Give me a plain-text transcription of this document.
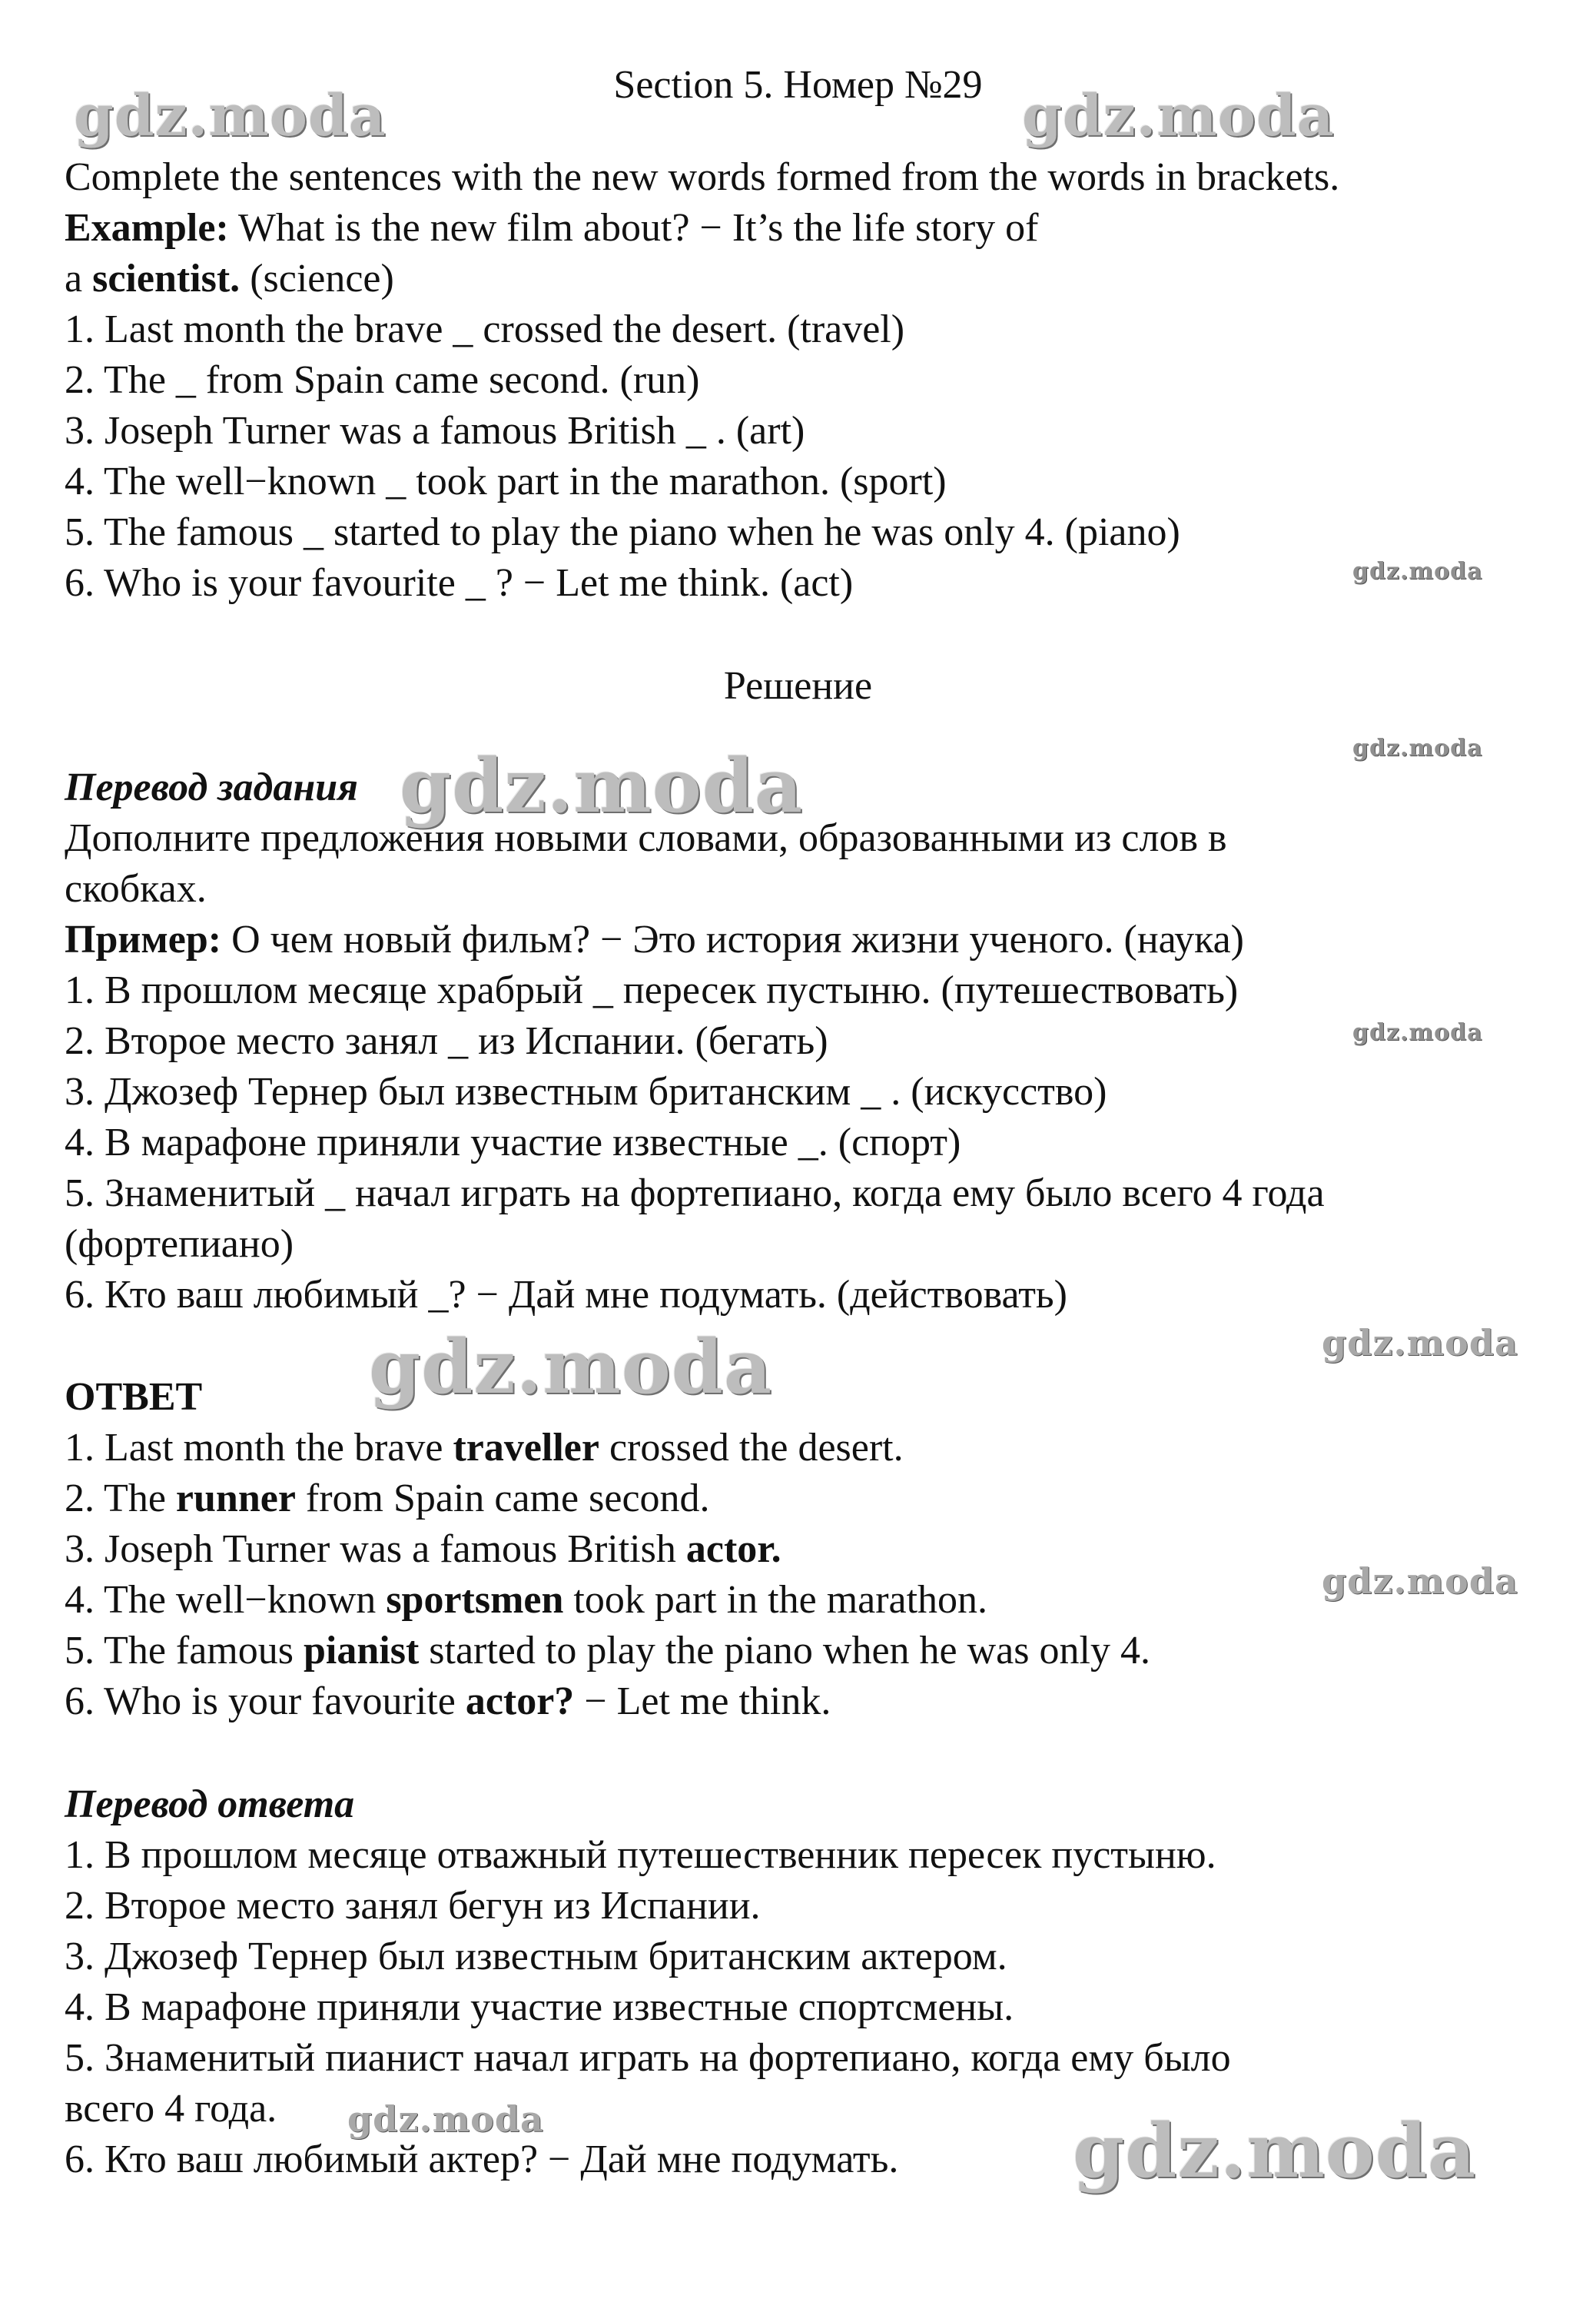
Section 5. Номер №29
Complete the sentences with the new words formed from the words in brackets.
Example: What is the new film about? − It’s the life story of
a scientist. (science)
1. Last month the brave _ crossed the desert. (travel)
2. The _ from Spain came second. (run)
3. Joseph Turner was a famous British _ . (art)
4. The well−known _ took part in the marathon. (sport)
5. The famous _ started to play the piano when he was only 4. (piano)
6. Who is your favourite _ ? − Let me think. (act)
Решение
Перевод задания
Дополните предложения новыми словами, образованными из слов в
скобках.
Пример: О чем новый фильм? − Это история жизни ученого. (наука)
1. В прошлом месяце храбрый _ пересек пустыню. (путешествовать)
2. Второе место занял _ из Испании. (бегать)
3. Джозеф Тернер был известным британским _ . (искусство)
4. В марафоне приняли участие известные _. (спорт)
5. Знаменитый _ начал играть на фортепиано, когда ему было всего 4 года
(фортепиано)
6. Кто ваш любимый _? − Дай мне подумать. (действовать)
ОТВЕТ
1. Last month the brave traveller crossed the desert.
2. The runner from Spain came second.
3. Joseph Turner was a famous British actor.
4. The well−known sportsmen took part in the marathon.
5. The famous pianist started to play the piano when he was only 4.
6. Who is your favourite actor? − Let me think.
Перевод ответа
1. В прошлом месяце отважный путешественник пересек пустыню.
2. Второе место занял бегун из Испании.
3. Джозеф Тернер был известным британским актером.
4. В марафоне приняли участие известные спортсмены.
5. Знаменитый пианист начал играть на фортепиано, когда ему было
всего 4 года.
6. Кто ваш любимый актер? − Дай мне подумать.
gdz.moda	gdz.moda
gdz.moda
gdz.moda	gdz.moda
gdz.moda
gdz.moda	gdz.moda
gdz.moda
gdz.moda	gdz.moda
